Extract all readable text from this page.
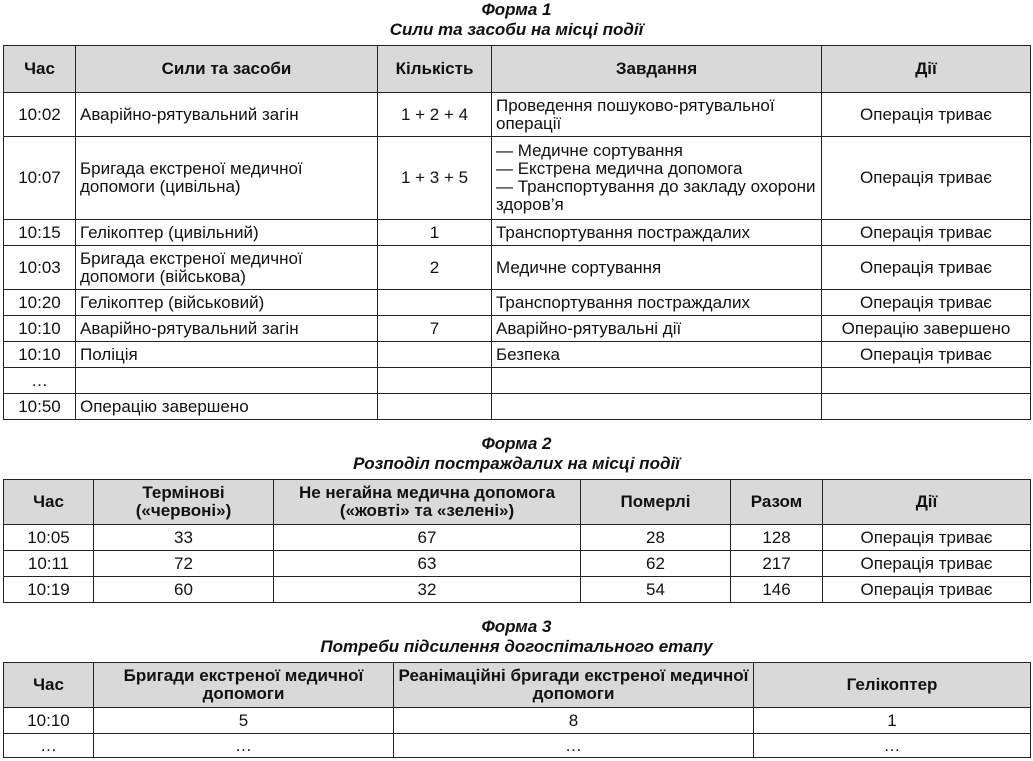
Форма 1
Сили та засоби на місці події
Час	Сили та засоби	Кількість	Завдання	Дії
10:02	Аварійно-рятувальний загін	1 + 2 + 4	Проведення пошуково-рятувальної операції	Операція триває
10:07	Бригада екстреної медичної допомоги (цивільна)	1 + 3 + 5	— Медичне сортування
— Екстрена медична допомога
— Транспортування до закладу охорони здоров’я	Операція триває
10:15	Гелікоптер (цивільний)	1	Транспортування постраждалих	Операція триває
10:03	Бригада екстреної медичної допомоги (військова)	2	Медичне сортування	Операція триває
10:20	Гелікоптер (військовий)		Транспортування постраждалих	Операція триває
10:10	Аварійно-рятувальний загін	7	Аварійно-рятувальні дії	Операцію завершено
10:10	Поліція		Безпека	Операція триває
…				
10:50	Операцію завершено			
Форма 2
Розподіл постраждалих на місці події
Час	Термінові («червоні»)	Не негайна медична допомога («жовті» та «зелені»)	Померлі	Разом	Дії
10:05	33	67	28	128	Операція триває
10:11	72	63	62	217	Операція триває
10:19	60	32	54	146	Операція триває
Форма 3
Потреби підсилення догоспітального етапу
Час	Бригади екстреної медичної допомоги	Реанімаційні бригади екстреної медичної допомоги	Гелікоптер
10:10	5	8	1
…	…	…	…
